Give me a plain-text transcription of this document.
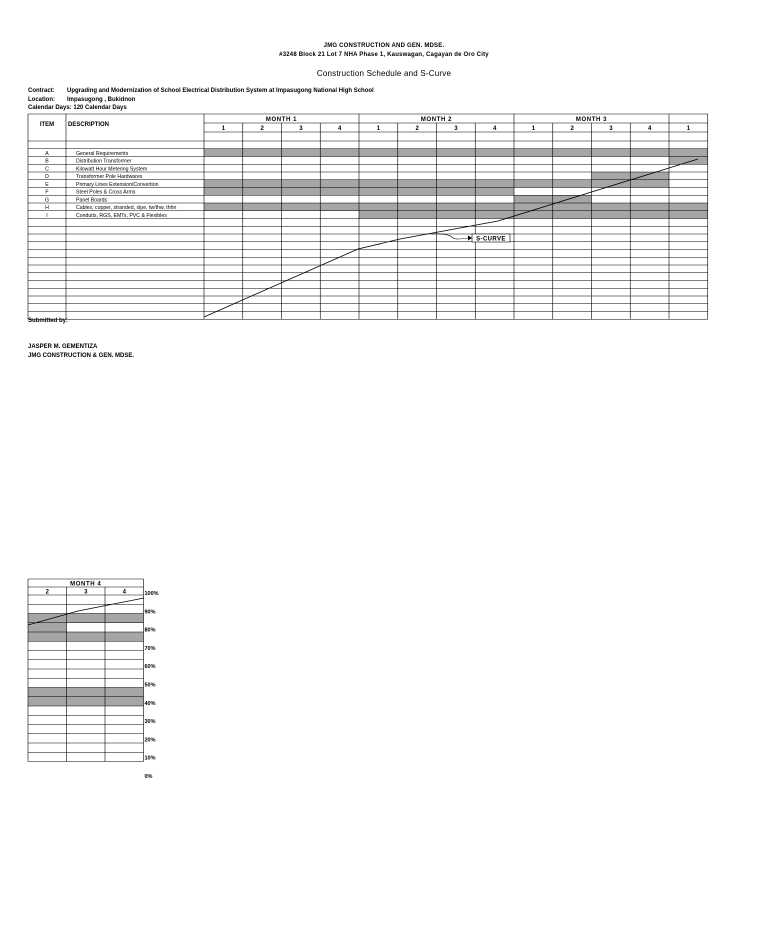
JMG CONSTRUCTION AND GEN. MDSE.
#3248 Block 21 Lot 7 NHA Phase 1, Kauswagan, Cagayan de Oro City
Construction Schedule and S-Curve
Contract: Upgrading and Modernization of School Electrical Distribution System at Impasugong National High School
Location: Impasugong , Bukidnon
Calendar Days: 120 Calendar Days
ITEM DESCRIPTION
MONTH 1	MONTH 2	MONTH 3
1	2	3	4	1	2	3	4	1	2	3	4	1
A	General Requirements
B	Distribution Transformer
C	Kilowatt Hour Metering System
D	Transformer Pole Hardwares
E	Primary Lines Extension/Convertion
F	Steel Poles & Cross Arms
G	Panel Boards
H	Cables, copper, stranded, xlpe, tw/thw, thhn
I	Conduits, RGS, EMTs, PVC & Flexibles
S-CURVE
Submitted by:
JASPER M. GEMENTIZA
JMG CONSTRUCTION & GEN. MDSE.
MONTH 4
2	3	4	100%
90%
80%
70%
60%
50%
40%
30%
20%
10%
0%
